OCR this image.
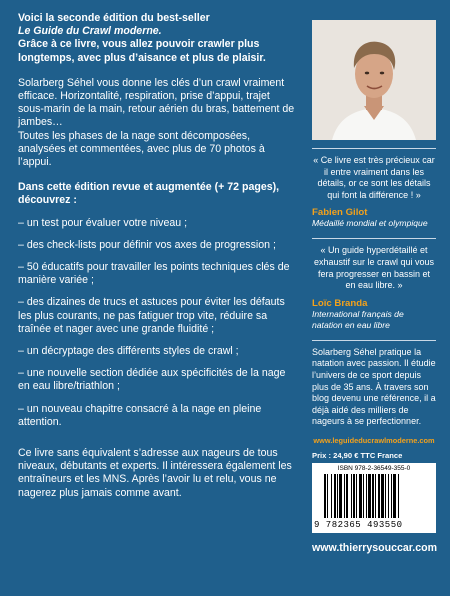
Voici la seconde édition du best-seller

Le Guide du Crawl moderne.

Grâce à ce livre, vous allez pouvoir crawler plus longtemps, avec plus d’aisance et plus de plaisir.

Solarberg Séhel vous donne les clés d’un crawl vraiment efficace. Horizontalité, respiration, prise d’appui, trajet sous-marin de la main, retour aérien du bras, battement de jambes…

Toutes les phases de la nage sont décomposées, analysées et commentées, avec plus de 70 photos à l’appui.

Dans cette édition revue et augmentée (+ 72 pages), découvrez :

– un test pour évaluer votre niveau ;
– des check-lists pour définir vos axes de progression ;
– 50 éducatifs pour travailler les points techniques clés de manière variée ;
– des dizaines de trucs et astuces pour éviter les défauts les plus courants, ne pas fatiguer trop vite, réduire sa traînée et nager avec une grande fluidité ;
– un décryptage des différents styles de crawl ;
– une nouvelle section dédiée aux spécificités de la nage en eau libre/triathlon ;
– un nouveau chapitre consacré à la nage en pleine attention.

Ce livre sans équivalent s’adresse aux nageurs de tous niveaux, débutants et experts. Il intéressera également les entraîneurs et les MNS. Après l’avoir lu et relu, vous ne nagerez plus jamais comme avant.

« Ce livre est très précieux car il entre vraiment dans les détails, or ce sont les détails qui font la différence ! »
Fabien Gilot
Médaillé mondial et olympique
« Un guide hyperdétaillé et exhaustif sur le crawl qui vous fera progresser en bassin et en eau libre. »
Loïc Branda
International français de natation en eau libre
Solarberg Séhel pratique la natation avec passion. Il étudie l’univers de ce sport depuis plus de 35 ans. À travers son blog devenu une référence, il a déjà aidé des milliers de nageurs à se perfectionner.
www.leguideducrawlmoderne.com
Prix : 24,90 € TTC France
ISBN 978-2-36549-355-0
9 782365 493550
www.thierrysouccar.com
